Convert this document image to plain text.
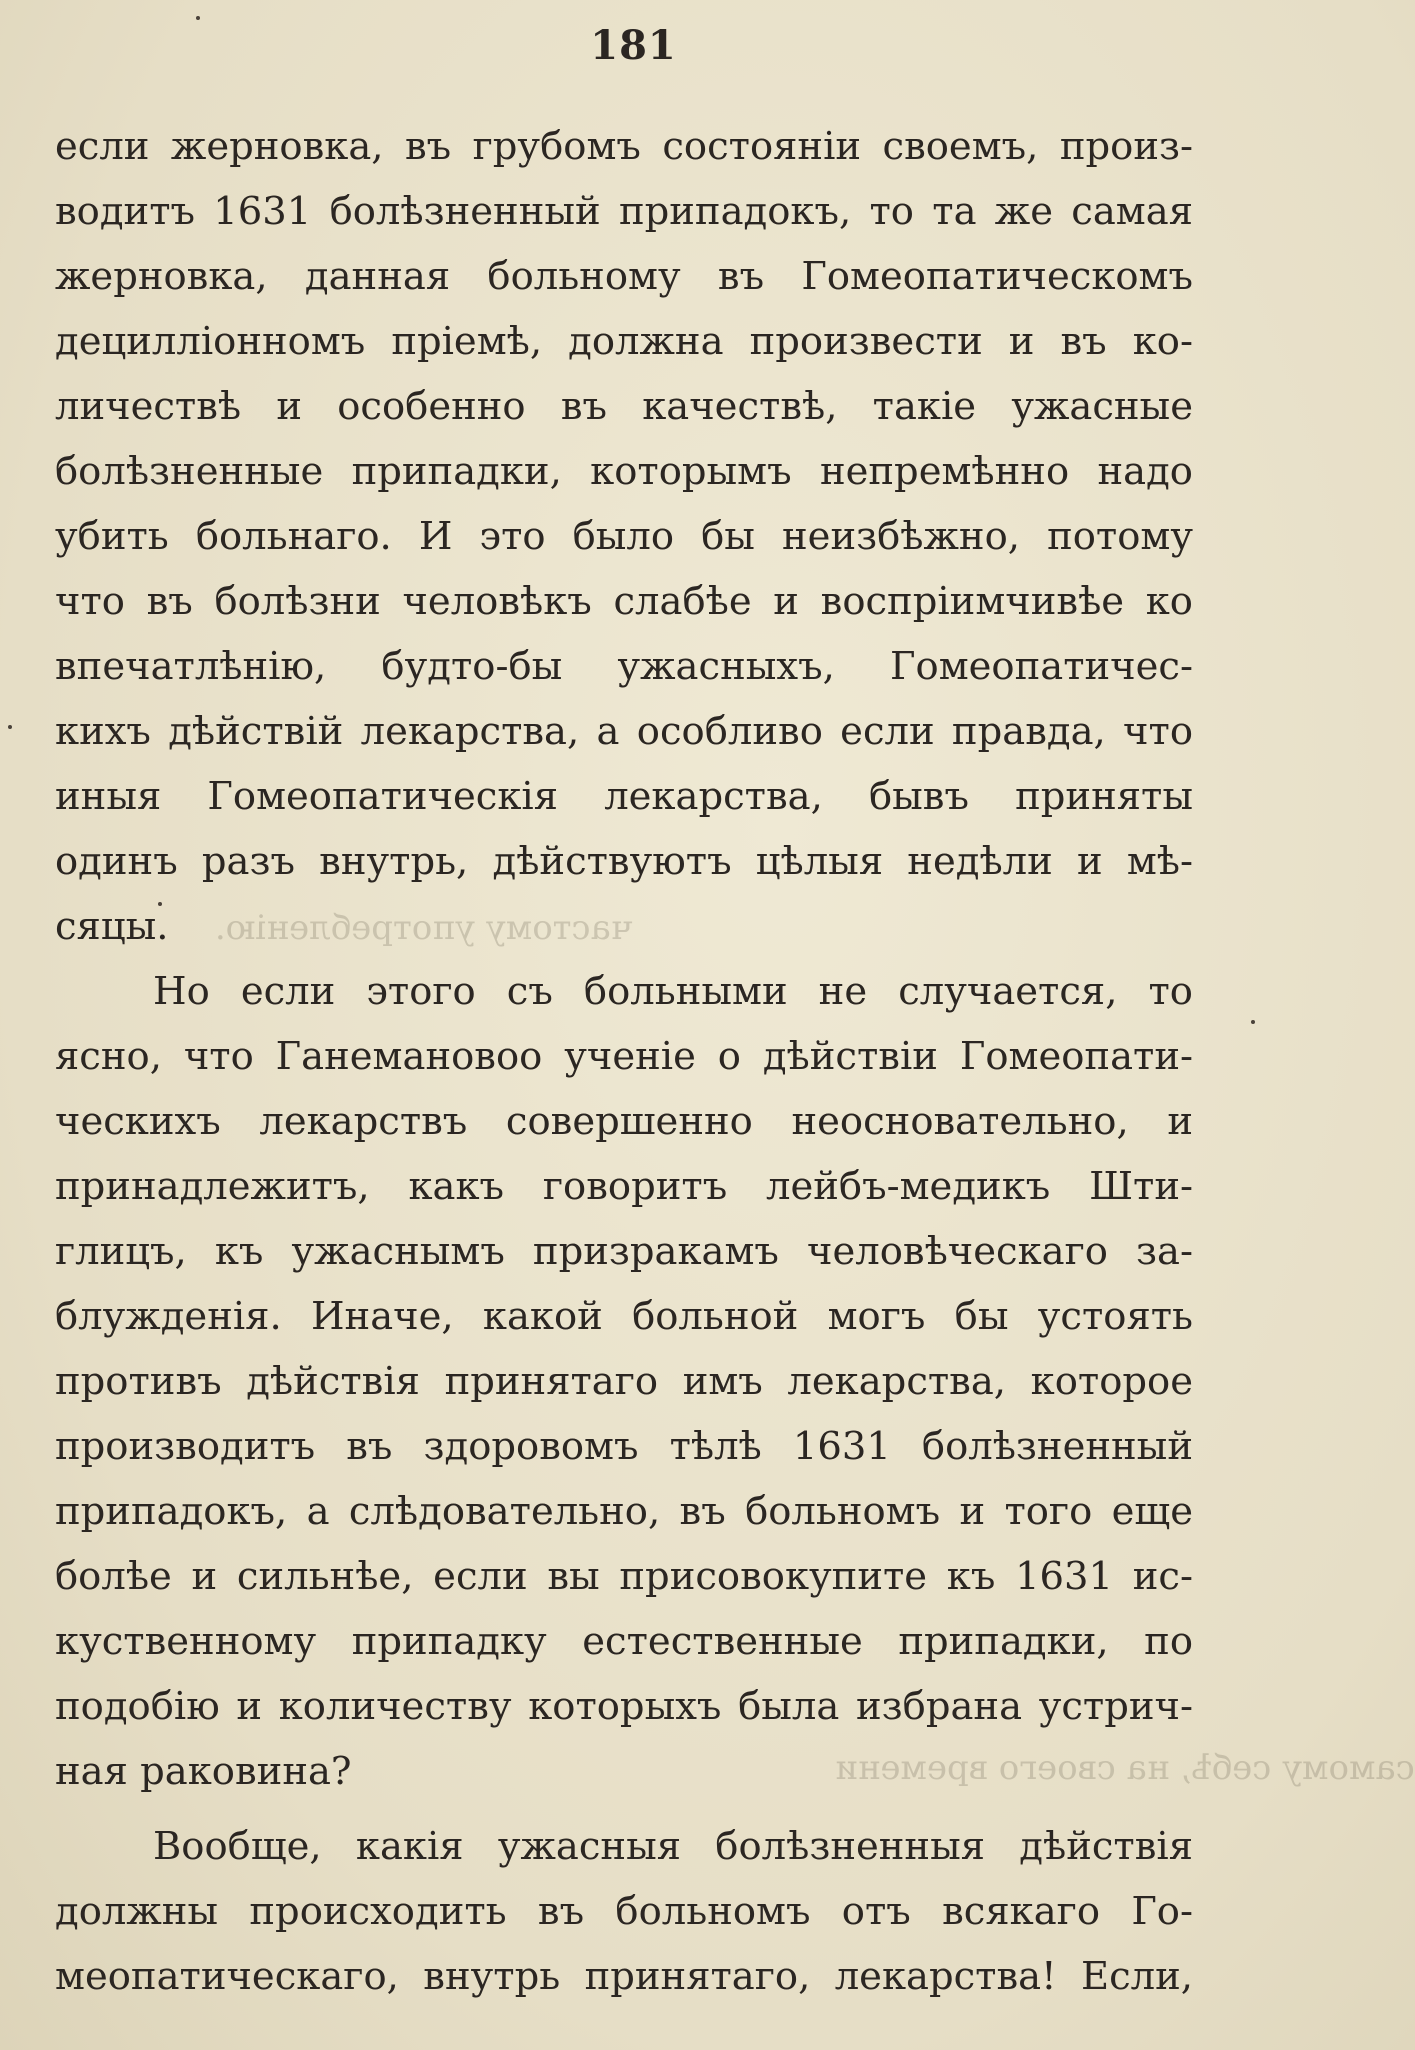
частому употребленію.
самому себѣ, на своего времени
181
если жерновка, въ грубомъ состоянiи своемъ, произ-
водитъ 1631 болѣзненный припадокъ, то та же самая
жерновка, данная больному въ Гомеопатическомъ
децилліонномъ пріемѣ, должна произвести и въ ко-
личествѣ и особенно въ качествѣ, такіе ужасные
болѣзненные припадки, которымъ непремѣнно надо
убить больнаго. И это было бы неизбѣжно, потому
что въ болѣзни человѣкъ слабѣе и воспріимчивѣе ко
впечатлѣнію, будто-бы ужасныхъ, Гомеопатичес-
кихъ дѣйствій лекарства, а особливо если правда, что
иныя Гомеопатическія лекарства, бывъ приняты
одинъ разъ внутрь, дѣйствуютъ цѣлыя недѣли и мѣ-
сяцы.
Но если этого съ больными не случается, то
ясно, что Ганемановоо ученіе о дѣйствіи Гомеопати-
ческихъ лекарствъ совершенно неосновательно, и
принадлежитъ, какъ говоритъ лейбъ-медикъ Шти-
глицъ, къ ужаснымъ призракамъ человѣческаго за-
блужденія. Иначе, какой больной могъ бы устоять
противъ дѣйствія принятаго имъ лекарства, которое
производитъ въ здоровомъ тѣлѣ 1631 болѣзненный
припадокъ, а слѣдовательно, въ больномъ и того еще
болѣе и сильнѣе, если вы присовокупите къ 1631 ис-
куственному припадку естественные припадки, по
подобію и количеству которыхъ была избрана устрич-
ная раковина?
Вообще, какія ужасныя болѣзненныя дѣйствія
должны происходить въ больномъ отъ всякаго Го-
меопатическаго, внутрь принятаго, лекарства! Если,
